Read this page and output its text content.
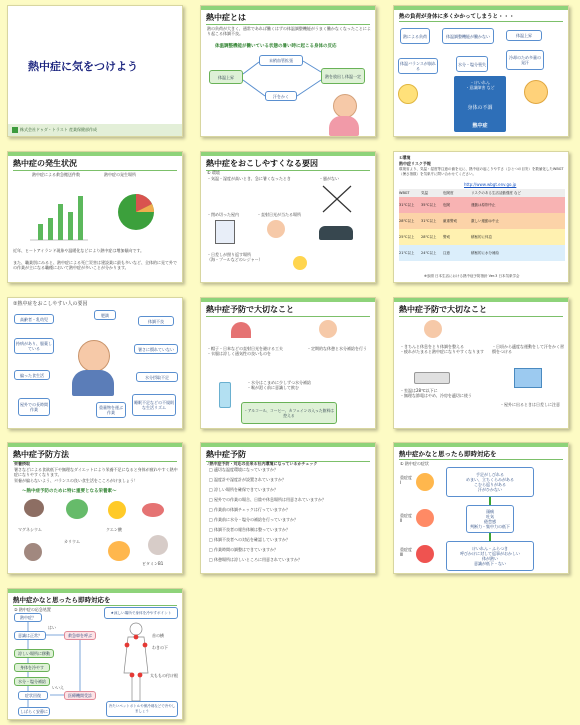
熱中症に気をつけよう
株式会社ドゥダ・トラスト 産業保健部作成
熱中症とは
熱の負荷が大きく、通常であれば働くはずの体温調整機能がうまく働かなくなったことにより起こる体調不良。
体温調整機能が働いている状態の暑い時に起こる身体の反応
体温上昇
末梢血管拡張
熱を放出し体温一定
汗をかく
熱の負荷が身体に多くかかってしまうと・・・
熱による負荷	体温調整機能が働かない	体温上昇
体温バランスが崩れる
水分・塩分喪失
冷却のため多量の発汗
・けいれん
・意識障害 など
身体の不調
熱中症
熱中症の発生状況
熱中症による救急搬送件数	熱中症の発生場所
近年、ヒートアイランド現象や温暖化などにより熱中症は増加傾向です。
また、職業別にみると、熱中症による死亡災害は建設業に最も多いなど、全体的に見て外での作業が主になる職種において熱中症が多いことが分かります。
熱中症をおこしやすくなる要因
① 環境
・気温・湿度が高いとき、急に暑くなったとき	・風がない
・閉め切った屋内	・直射日光が当たる場所
・日差しが照り返す場所
（海・プールなどのレジャー）
①環境
熱中症リスク予報
環境省より、気温・湿度等注意の値を元に、熱中症の起こりやすさ（ひとつの目安）を数値化したWBGT（暑さ指数）を気象庁に問い合わせてください。
http://www.wbgt.env.go.jp
WBGT	気温	危険度	リスクのある生活活動強度 など
31℃以上	35℃以上	危険	運動は原則中止
28℃以上	31℃以上	厳重警戒	激しい運動は中止
25℃以上	28℃以上	警戒	積極的に休息
21℃以上	24℃以上	注意	積極的に水分補給
※参照 日本生活における熱中症予防指針 Ver.3 日本気象学会
②熱中症をおこしやすい人の要因
高齢者・乳幼児
肥満
体調不良
持病があり、服薬している	暑さに慣れていない
偏った食生活	水分摂取不足
屋外での長時間作業
睡眠不足などの不規則な生活リズム
重量物を運ぶ作業
熱中症予防で大切なこと
・帽子・日傘などの直射日光を避ける工夫
・衣服は涼しく通気性の良いものを
・定期的な休憩と水分補給を行う
・水分はこまめに少しずつ水分補給
・喉が渇く前に意識して飲む
・アルコール、コーヒー、カフェインの入った飲料は控える
熱中症予防で大切なこと
・きちんと休息をとり体調を整える
・疲れがたまると熱中症になりやすくなります
・日頃から適度な運動をして汗をかく習慣をつける
・室温は28℃以下に
・無理な節電はやめ、冷房を適切に使う
・屋外に出るときは日差しに注意
熱中症予防方法
栄養摂取
暑さなどによる食欲低下や無理なダイエットにより栄養不足になると身体が疲れやすく熱中症になりやすくなります。
栄養が偏らないよう、バランスの良い食生活をこころがけましょう！
〜熱中症予防のために特に重要となる栄養素〜
マグネシウム
カリウム
クエン酸
ビタミンB1
熱中症予防
♪熱中症予防・対応の出来る社内環境になっているかチェック
□ 適切な温度環境になっていますか？
□ 温度計や湿度計が設置されていますか？
□ 涼しい場所を確保できていますか？
□ 屋外での作業の場合、日陰や休息場所は用意されていますか？
□ 作業前の体調チェックは行っていますか？
□ 作業前に水分・塩分の補給を行っていますか？
□ 体調不良者の報告体制は整っていますか？
□ 体調不良者への対応を確認していますか？
□ 作業時間の調整はできていますか？
□ 休憩場所は涼しいところに用意されていますか？
熱中症かなと思ったら即時対応を
① 熱中症の症状
重症度Ⅰ
重症度Ⅱ
重症度Ⅲ
手足がしびれる
めまい、立ちくらみがある
こむら返りがある
汗がひかない
頭痛
吐気
倦怠感
判断力・集中力の低下
けいれん・ふらつき
呼びかけに対して返事がおかしい
体が熱い
意識が低下・ない
熱中症かなと思ったら即時対応を
② 熱中症の応急処置
熱中症？
意識は正常？
涼しい場所に移動
身体を冷やす
水分・塩分補給
症状回復
しばらく安静に
救急車を呼ぶ
医療機関受診
はい
いいえ
★涼しい場所で身体を冷やすポイント
首の横
わきの下
太ももの付け根
冷たいペットボトルや保冷剤などで冷やしましょう
